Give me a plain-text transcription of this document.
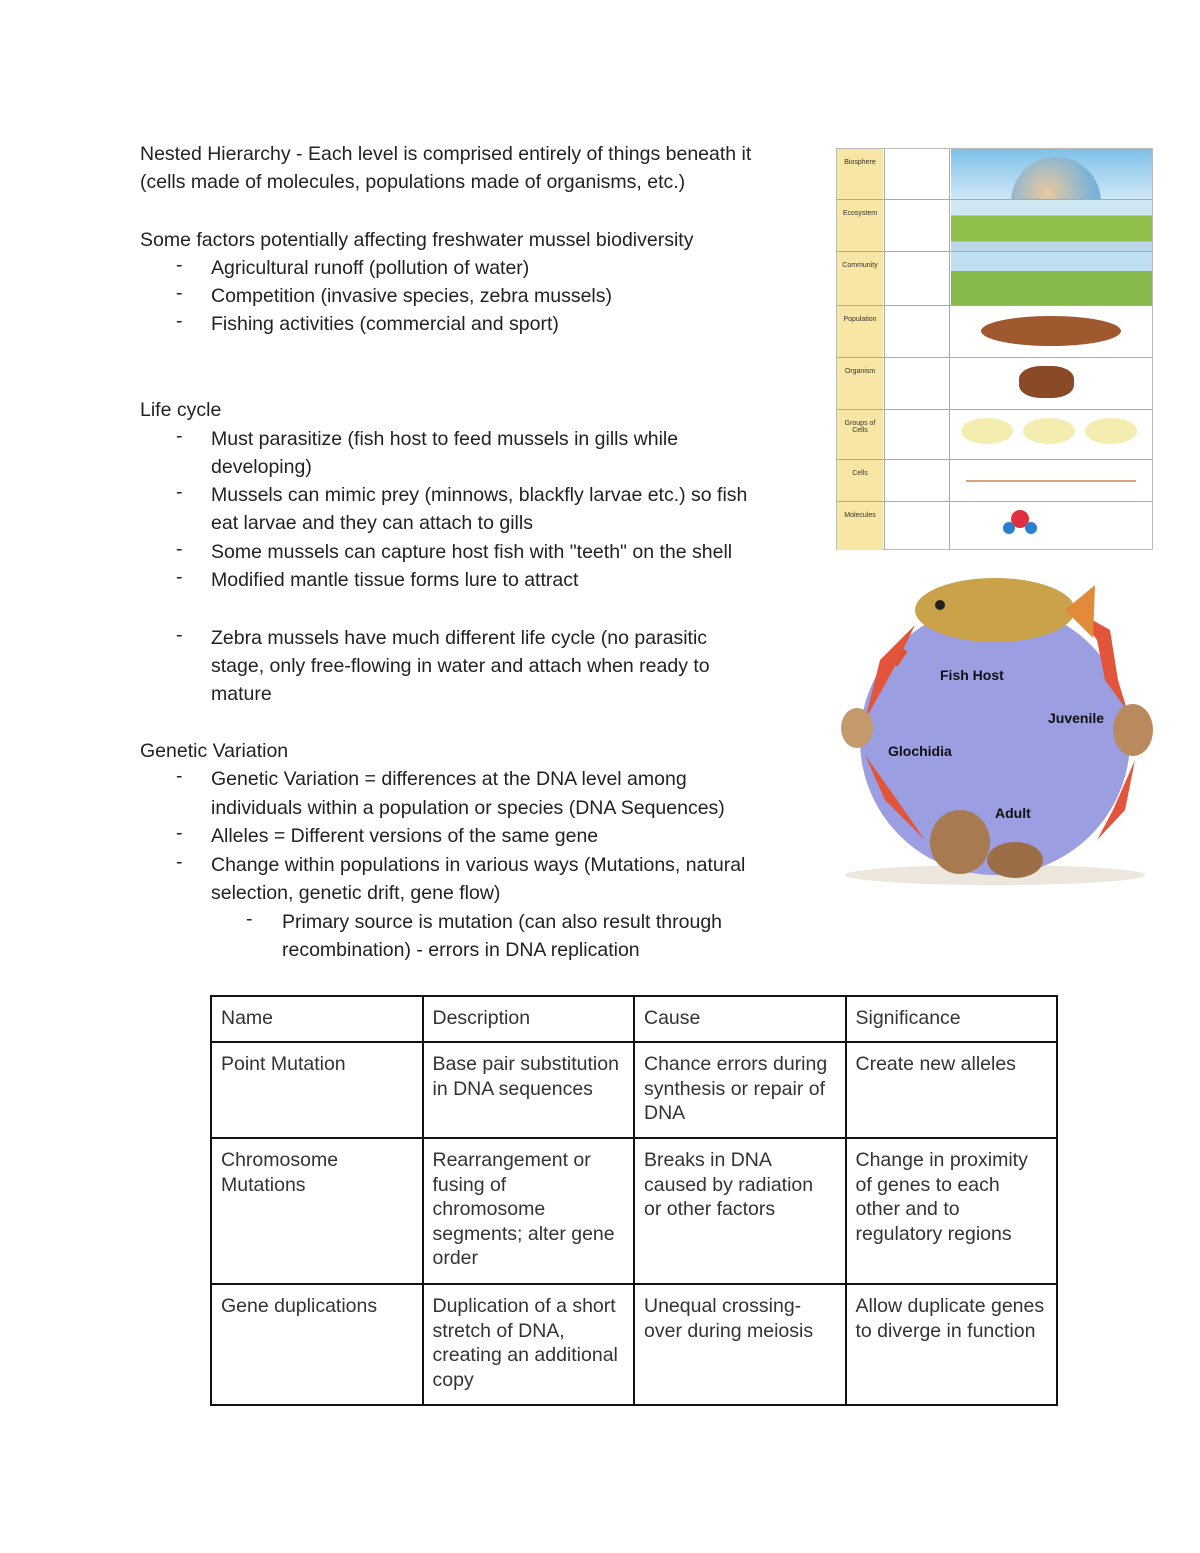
Nested Hierarchy - Each level is comprised entirely of things beneath it
(cells made of molecules, populations made of organisms, etc.)
Some factors potentially affecting freshwater mussel biodiversity
- Agricultural runoff (pollution of water)
- Competition (invasive species, zebra mussels)
- Fishing activities (commercial and sport)
Life cycle
- Must parasitize (fish host to feed mussels in gills while
developing)
- Mussels can mimic prey (minnows, blackfly larvae etc.) so fish
eat larvae and they can attach to gills
- Some mussels can capture host fish with "teeth" on the shell
- Modified mantle tissue forms lure to attract
- Zebra mussels have much different life cycle (no parasitic
stage, only free-flowing in water and attach when ready to
mature
Genetic Variation
- Genetic Variation = differences at the DNA level among
individuals within a population or species (DNA Sequences)
- Alleles = Different versions of the same gene
- Change within populations in various ways (Mutations, natural
selection, genetic drift, gene flow)
- Primary source is mutation (can also result through
recombination) - errors in DNA replication
Biosphere
Ecosystem
Community
Population
Organism
Groups of Cells
Cells
Molecules
Fish Host
Juvenile
Glochidia
Adult
Name	Description	Cause	Significance
Point Mutation	Base pair substitution in DNA sequences	Chance errors during synthesis or repair of DNA	Create new alleles
Chromosome Mutations	Rearrangement or fusing of chromosome segments; alter gene order	Breaks in DNA caused by radiation or other factors	Change in proximity of genes to each other and to regulatory regions
Gene duplications	Duplication of a short stretch of DNA, creating an additional copy	Unequal crossing-over during meiosis	Allow duplicate genes to diverge in function
